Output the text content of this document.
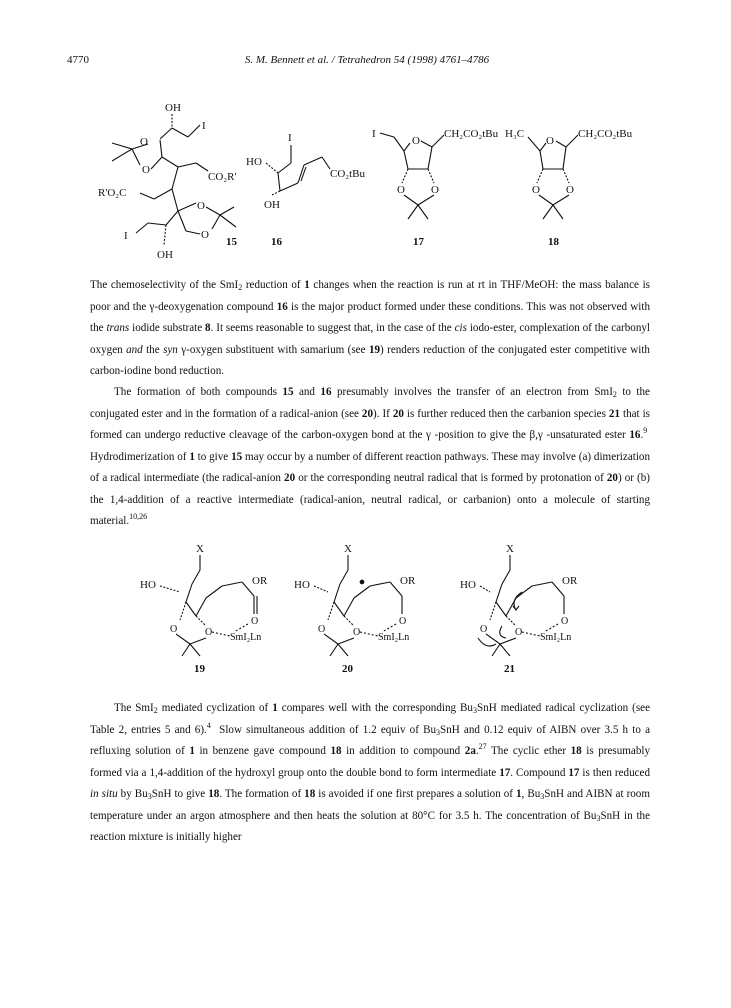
4770	S. M. Bennett et al. / Tetrahedron 54 (1998) 4761–4786
OH
I
O
O
CO₂R'
R'O₂C
O
O
OH
I	15
I
HO
OH
CO₂tBu
16
I
O
CH₂CO₂tBu
O O
17
H₃C
O
CH₂CO₂tBu
O O
18

The chemoselectivity of the SmI$_2$ reduction of 1 changes when the reaction is run at rt in THF/MeOH: the mass balance is poor and the γ-deoxygenation compound 16 is the major product formed under these conditions. This was not observed with the trans iodide substrate 8. It seems reasonable to suggest that, in the case of the cis iodo-ester, complexation of the carbonyl oxygen and the syn γ-oxygen substituent with samarium (see 19) renders reduction of the conjugated ester competitive with carbon-iodine bond reduction.

The formation of both compounds 15 and 16 presumably involves the transfer of an electron from SmI$_2$ to the conjugated ester and in the formation of a radical-anion (see 20). If 20 is further reduced then the carbanion species 21 that is formed can undergo reductive cleavage of the carbon-oxygen bond at the γ -position to give the β,γ -unsaturated ester 16.$^9$  Hydrodimerization of 1 to give 15 may occur by a number of different reaction pathways. These may involve (a) dimerization of a radical intermediate (the radical-anion 20 or the corresponding neutral radical that is formed by protonation of 20) or (b) the 1,4-addition of a reactive intermediate (radical-anion, neutral radical, or carbanion) onto a molecule of starting material.$^{10,26}$

X
HO	OR
O
O	O SmI₂Ln
19
X
HO	OR
O
O	O SmI₂Ln
20
X
HO	OR
O
O	O SmI₂Ln
21

The SmI$_2$ mediated cyclization of 1 compares well with the corresponding $Bu_3SnH$ mediated radical cyclization (see Table 2, entries 5 and 6).$^4$  Slow simultaneous addition of 1.2 equiv of $Bu_3SnH$ and 0.12 equiv of AIBN over 3.5 h to a refluxing solution of 1 in benzene gave compound 18 in addition to compound 2a.$^{27}$ The cyclic ether 18 is presumably formed via a 1,4-addition of the hydroxyl group onto the double bond to form intermediate 17. Compound 17 is then reduced in situ by $Bu_3SnH$ to give 18. The formation of 18 is avoided if one first prepares a solution of 1, $Bu_3SnH$ and AIBN at room temperature under an argon atmosphere and then heats the solution at 80°C for 3.5 h. The concentration of $Bu_3SnH$ in the reaction mixture is initially higher
